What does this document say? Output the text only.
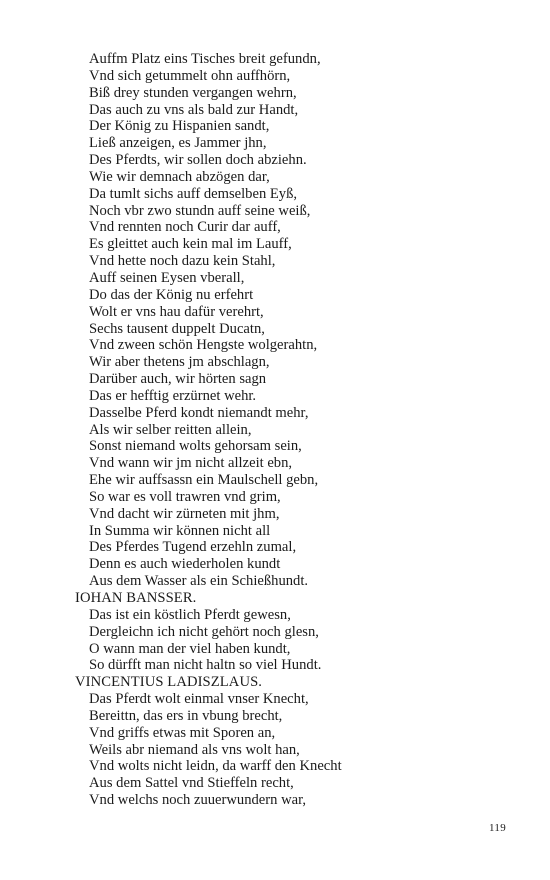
Auffm Platz eins Tisches breit gefundn,
Vnd sich getummelt ohn auffhörn,
Biß drey stunden vergangen wehrn,
Das auch zu vns als bald zur Handt,
Der König zu Hispanien sandt,
Ließ anzeigen, es Jammer jhn,
Des Pferdts, wir sollen doch abziehn.
Wie wir demnach abzögen dar,
Da tumlt sichs auff demselben Eyß,
Noch vbr zwo stundn auff seine weiß,
Vnd rennten noch Curir dar auff,
Es gleittet auch kein mal im Lauff,
Vnd hette noch dazu kein Stahl,
Auff seinen Eysen vberall,
Do das der König nu erfehrt
Wolt er vns hau dafür verehrt,
Sechs tausent duppelt Ducatn,
Vnd zween schön Hengste wolgerahtn,
Wir aber thetens jm abschlagn,
Darüber auch, wir hörten sagn
Das er hefftig erzürnet wehr.
Dasselbe Pferd kondt niemandt mehr,
Als wir selber reitten allein,
Sonst niemand wolts gehorsam sein,
Vnd wann wir jm nicht allzeit ebn,
Ehe wir auffsassn ein Maulschell gebn,
So war es voll trawren vnd grim,
Vnd dacht wir zürneten mit jhm,
In Summa wir können nicht all
Des Pferdes Tugend erzehln zumal,
Denn es auch wiederholen kundt
Aus dem Wasser als ein Schießhundt.
IOHAN BANSSER.
Das ist ein köstlich Pferdt gewesn,
Dergleichn ich nicht gehört noch glesn,
O wann man der viel haben kundt,
So dürfft man nicht haltn so viel Hundt.
VINCENTIUS LADISZLAUS.
Das Pferdt wolt einmal vnser Knecht,
Bereittn, das ers in vbung brecht,
Vnd griffs etwas mit Sporen an,
Weils abr niemand als vns wolt han,
Vnd wolts nicht leidn, da warff den Knecht
Aus dem Sattel vnd Stieffeln recht,
Vnd welchs noch zuuerwundern war,
119
